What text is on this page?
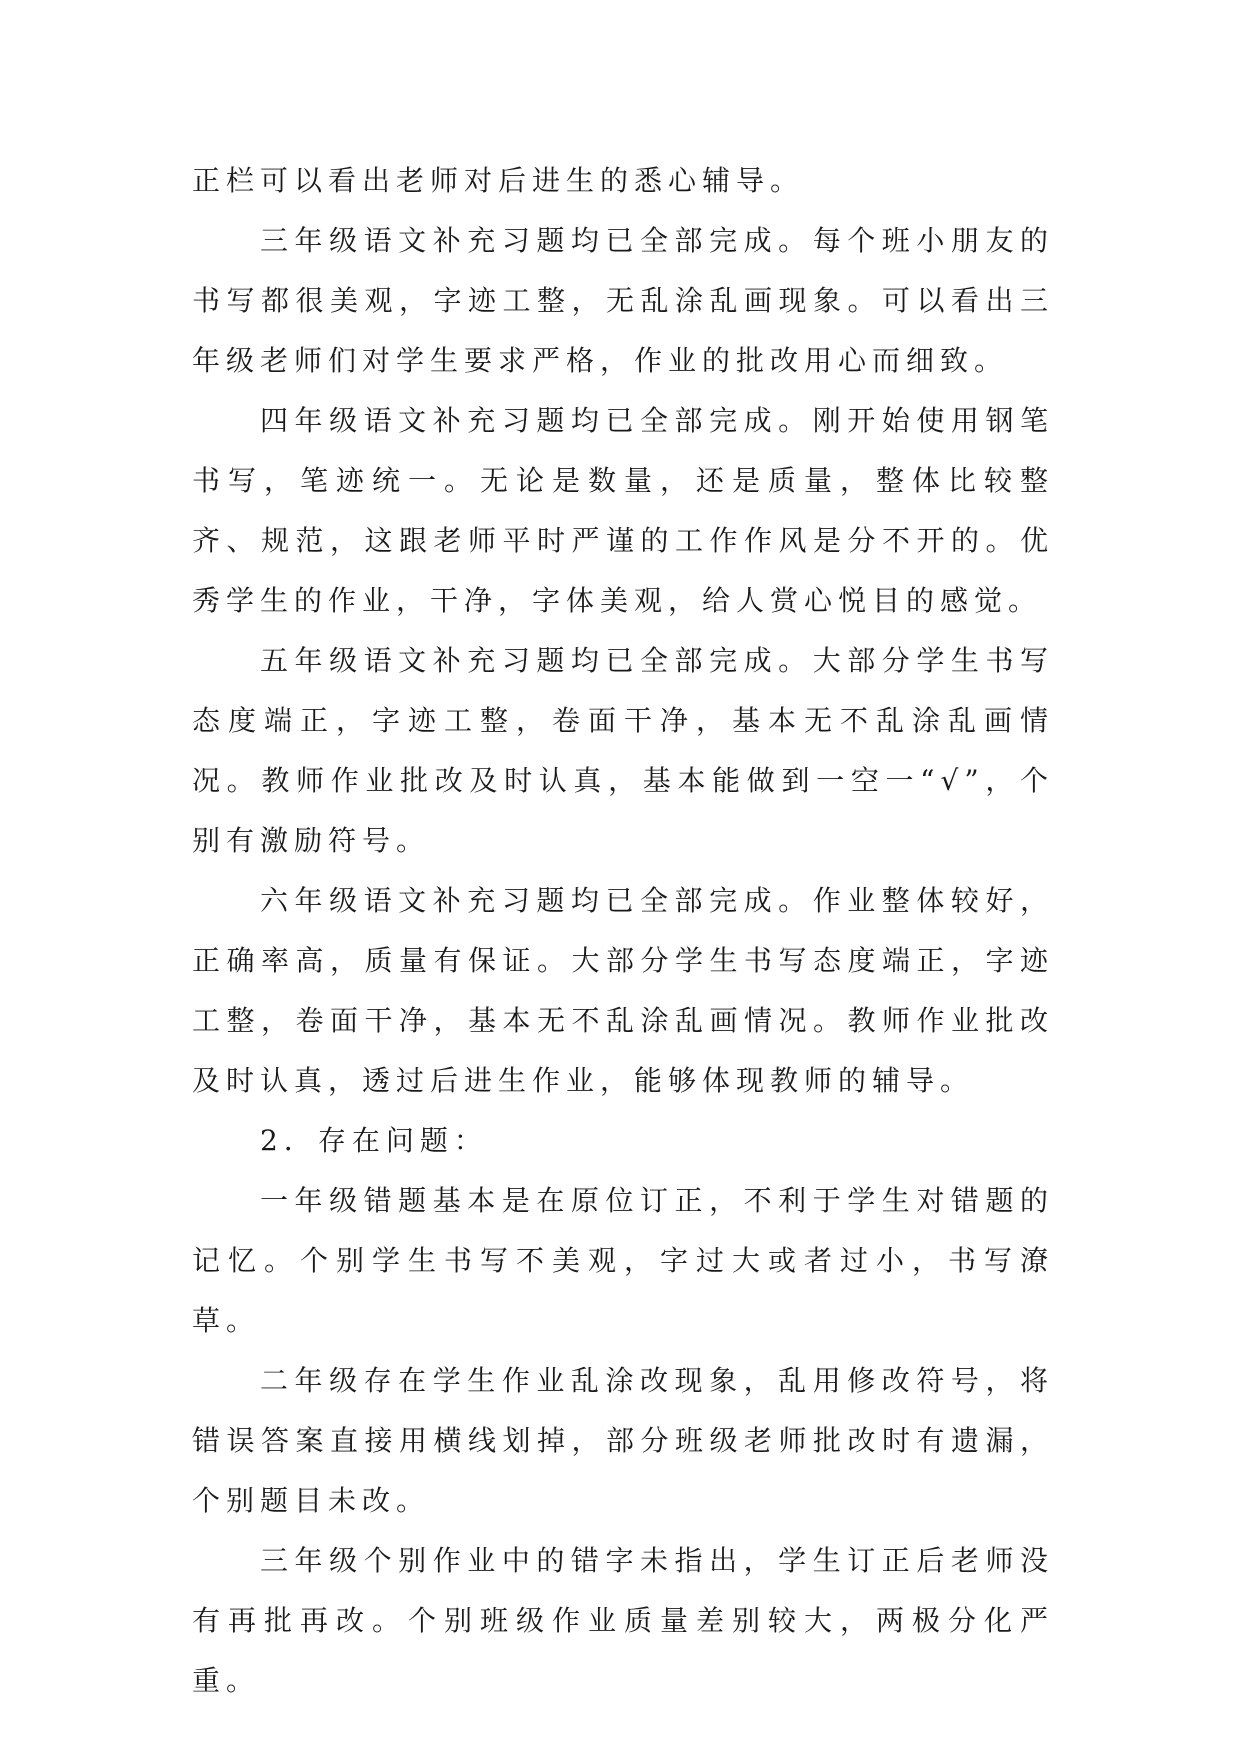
正栏可以看出老师对后进生的悉心辅导。

三年级语文补充习题均已全部完成。每个班小朋友的书写都很美观，字迹工整，无乱涂乱画现象。可以看出三年级老师们对学生要求严格，作业的批改用心而细致。

四年级语文补充习题均已全部完成。刚开始使用钢笔书写，笔迹统一。无论是数量，还是质量，整体比较整齐、规范，这跟老师平时严谨的工作作风是分不开的。优秀学生的作业，干净，字体美观，给人赏心悦目的感觉。

五年级语文补充习题均已全部完成。大部分学生书写态度端正，字迹工整，卷面干净，基本无不乱涂乱画情况。教师作业批改及时认真，基本能做到一空一“√”，个别有激励符号。

六年级语文补充习题均已全部完成。作业整体较好，正确率高，质量有保证。大部分学生书写态度端正，字迹工整，卷面干净，基本无不乱涂乱画情况。教师作业批改及时认真，透过后进生作业，能够体现教师的辅导。

2．存在问题：

一年级错题基本是在原位订正，不利于学生对错题的记忆。个别学生书写不美观，字过大或者过小，书写潦草。

二年级存在学生作业乱涂改现象，乱用修改符号，将错误答案直接用横线划掉，部分班级老师批改时有遗漏，个别题目未改。

三年级个别作业中的错字未指出，学生订正后老师没有再批再改。个别班级作业质量差别较大，两极分化严重。
